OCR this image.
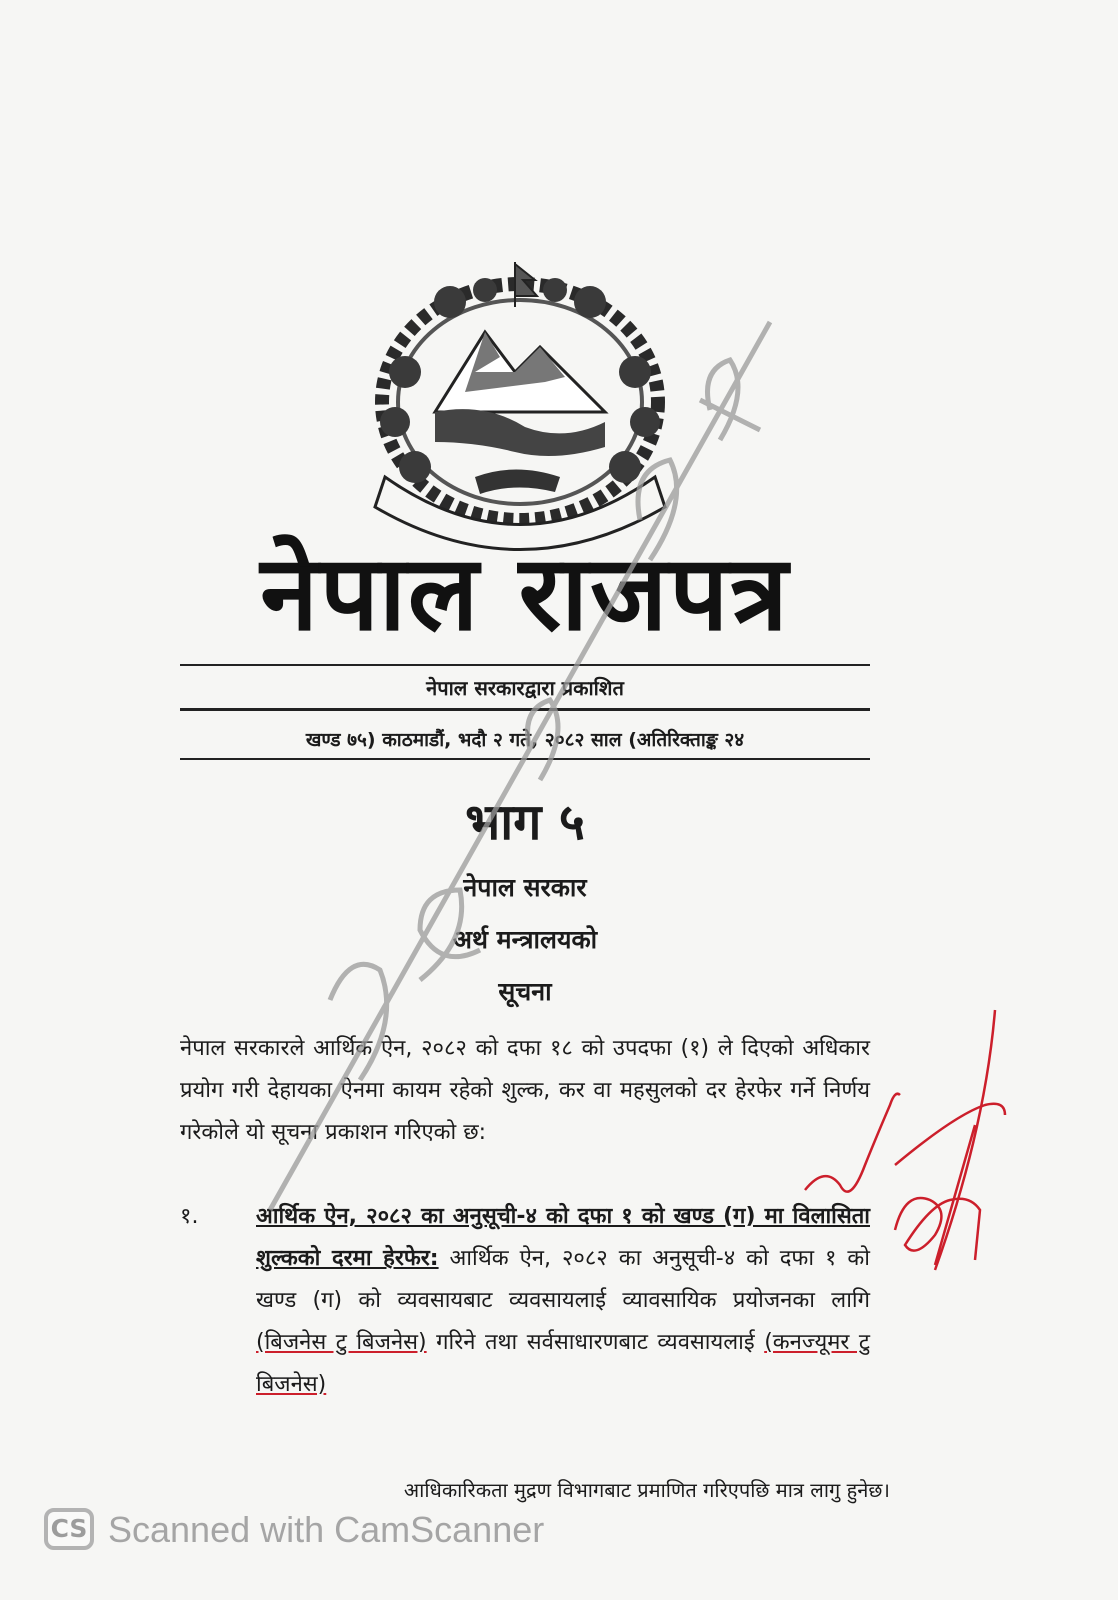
नेपाल राजपत्र
नेपाल सरकारद्वारा प्रकाशित
खण्ड ७५) काठमाडौं, भदौ २ गते, २०८२ साल (अतिरिक्ताङ्क २४
भाग ५
नेपाल सरकार
अर्थ मन्त्रालयको
सूचना
नेपाल सरकारले आर्थिक ऐन, २०८२ को दफा १८ को उपदफा (१) ले दिएको अधिकार प्रयोग गरी देहायका ऐनमा कायम रहेको शुल्क, कर वा महसुलको दर हेरफेर गर्ने निर्णय गरेकोले यो सूचना प्रकाशन गरिएको छ:
१.	आर्थिक ऐन, २०८२ का अनुसूची-४ को दफा १ को खण्ड (ग) मा विलासिता शुल्कको दरमा हेरफेर: आर्थिक ऐन, २०८२ का अनुसूची-४ को दफा १ को खण्ड (ग) को व्यवसायबाट व्यवसायलाई व्यावसायिक प्रयोजनका लागि (बिजनेस टु बिजनेस) गरिने तथा सर्वसाधारणबाट व्यवसायलाई (कनज्यूमर टु बिजनेस)
आधिकारिकता मुद्रण विभागबाट प्रमाणित गरिएपछि मात्र लागु हुनेछ।
CS Scanned with CamScanner
